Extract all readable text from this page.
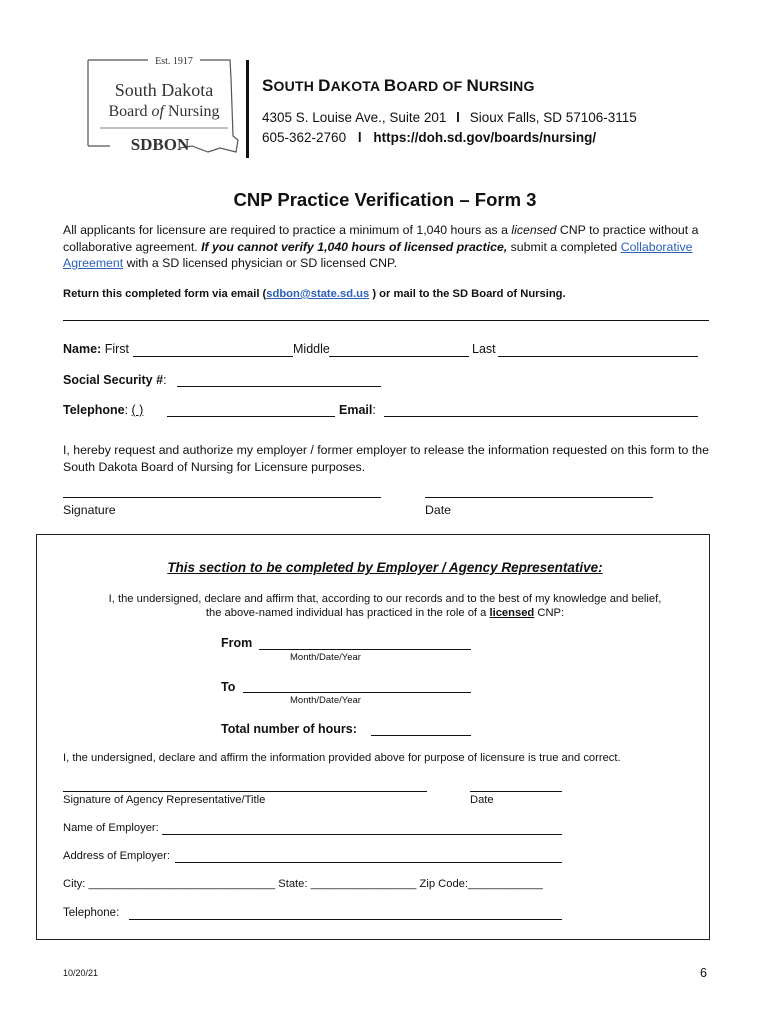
Est. 1917
South Dakota
Board of Nursing
SDBON
SOUTH DAKOTA BOARD OF NURSING
4305 S. Louise Ave., Suite 201 l Sioux Falls, SD 57106-3115
605-362-2760 l https://doh.sd.gov/boards/nursing/
CNP Practice Verification – Form 3
All applicants for licensure are required to practice a minimum of 1,040 hours as a licensed CNP to practice without a collaborative agreement. If you cannot verify 1,040 hours of licensed practice, submit a completed Collaborative Agreement with a SD licensed physician or SD licensed CNP.
Return this completed form via email (sdbon@state.sd.us ) or mail to the SD Board of Nursing.
Name: First	Middle	Last
Social Security #:
Telephone: ( )	Email:
I, hereby request and authorize my employer / former employer to release the information requested on this form to the South Dakota Board of Nursing for Licensure purposes.
Signature	Date
This section to be completed by Employer / Agency Representative:
I, the undersigned, declare and affirm that, according to our records and to the best of my knowledge and belief,
the above-named individual has practiced in the role of a licensed CNP:
From
Month/Date/Year
To
Month/Date/Year
Total number of hours:
I, the undersigned, declare and affirm the information provided above for purpose of licensure is true and correct.
Signature of Agency Representative/Title	Date
Name of Employer:
Address of Employer:
City: ______________________________ State: _________________ Zip Code:____________
Telephone:
10/20/21	6
